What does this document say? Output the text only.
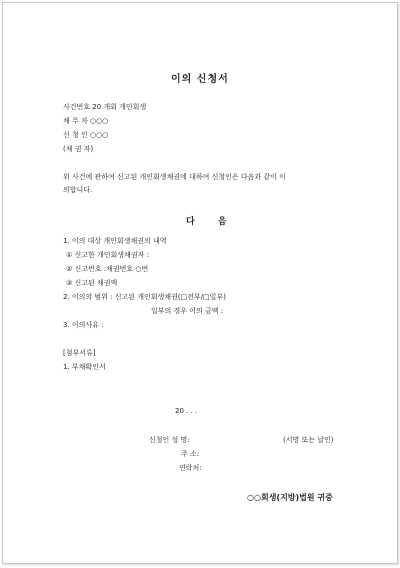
이의 신청서
사건번호 20 개회 개인회생
채 무 자 ○○○
신 청 인 ○○○
(채 권 자)
위 사건에 관하여 신고된 개인회생채권에 대하여 신청인은 다음과 같이 이
의합니다.
다 음
1. 이의 대상 개인회생채권의 내역
① 신고한 개인회생채권자 :
② 신고번호 :채권번호 ○번
③ 신고된 채권액
2. 이의의 범위 : 신고된 개인회생채권(□전부/□일부)
일부의 경우 이의 금액 :
3. 이의사유 :
[첨부서류]
1. 부채확인서
20 . . .
신청인 성 명:	(서명 또는 날인)
주 소:
연락처:
○○회생(지방)법원 귀중
